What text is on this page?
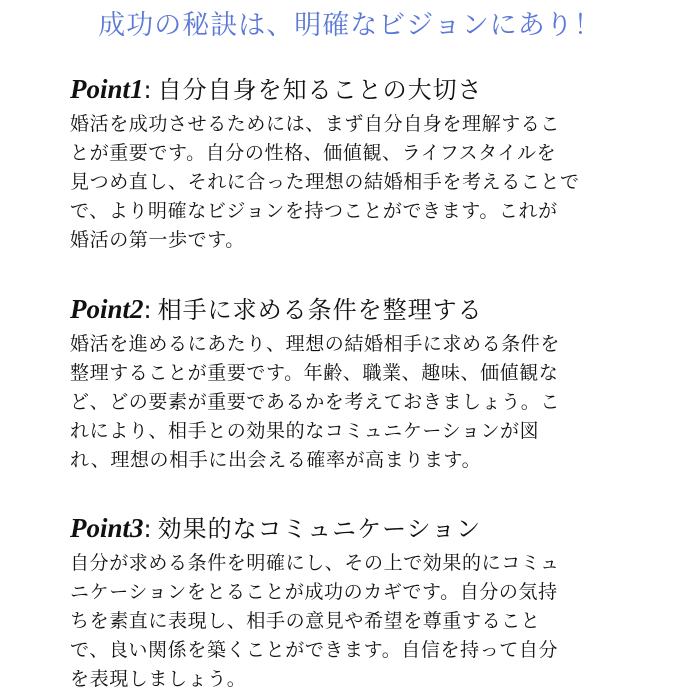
成功の秘訣は、明確なビジョンにあり！
Point1: 自分自身を知ることの大切さ
婚活を成功させるためには、まず自分自身を理解するこ
とが重要です。自分の性格、価値観、ライフスタイルを
見つめ直し、それに合った理想の結婚相手を考えることで
で、より明確なビジョンを持つことができます。これが
婚活の第一歩です。
Point2: 相手に求める条件を整理する
婚活を進めるにあたり、理想の結婚相手に求める条件を
整理することが重要です。年齢、職業、趣味、価値観な
ど、どの要素が重要であるかを考えておきましょう。こ
れにより、相手との効果的なコミュニケーションが図
れ、理想の相手に出会える確率が高まります。
Point3: 効果的なコミュニケーション
自分が求める条件を明確にし、その上で効果的にコミュ
ニケーションをとることが成功のカギです。自分の気持
ちを素直に表現し、相手の意見や希望を尊重すること
で、良い関係を築くことができます。自信を持って自分
を表現しましょう。
